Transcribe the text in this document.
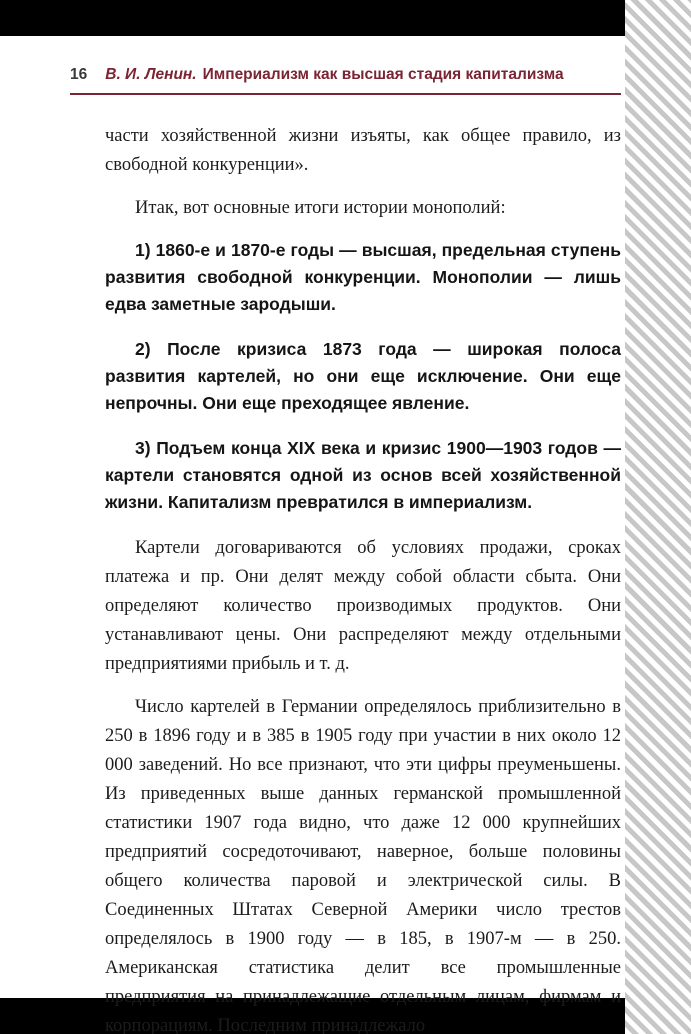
16 В. И. Ленин. Империализм как высшая стадия капитализма

части хозяйственной жизни изъяты, как общее правило, из свободной конкуренции».

Итак, вот основные итоги истории монополий:

1) 1860-е и 1870-е годы — высшая, предельная ступень развития свободной конкуренции. Монополии — лишь едва заметные зародыши.

2) После кризиса 1873 года — широкая полоса развития картелей, но они еще исключение. Они еще непрочны. Они еще преходящее явление.

3) Подъем конца XIX века и кризис 1900—1903 годов — картели становятся одной из основ всей хозяйственной жизни. Капитализм превратился в империализм.

Картели договариваются об условиях продажи, сроках платежа и пр. Они делят между собой области сбыта. Они определяют количество производимых продуктов. Они устанавливают цены. Они распределяют между отдельными предприятиями прибыль и т. д.

Число картелей в Германии определялось приблизительно в 250 в 1896 году и в 385 в 1905 году при участии в них около 12 000 заведений. Но все признают, что эти цифры преуменьшены. Из приведенных выше данных германской промышленной статистики 1907 года видно, что даже 12 000 крупнейших предприятий сосредоточивают, наверное, больше половины общего количества паровой и электрической силы. В Соединенных Штатах Северной Америки число трестов определялось в 1900 году — в 185, в 1907-м — в 250. Американская статистика делит все промышленные предприятия на принадлежащие отдельным лицам, фирмам и корпорациям. Последним принадлежало
